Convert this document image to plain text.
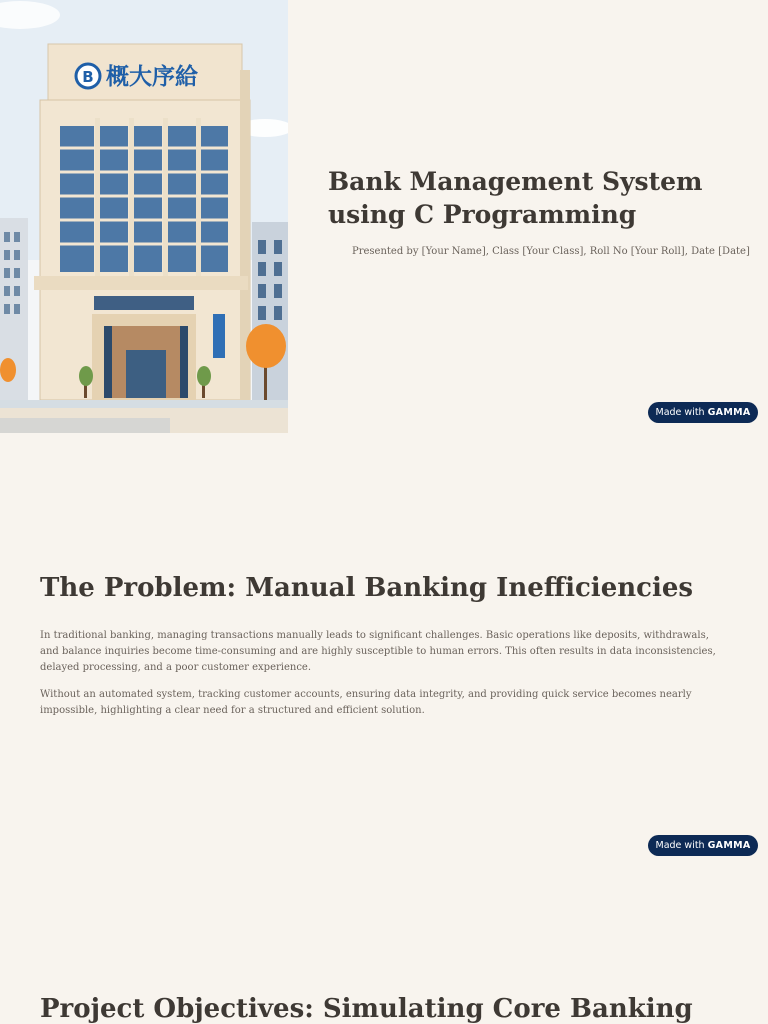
B 概大序給
Bank Management System
using C Programming

Presented by [Your Name], Class [Your Class], Roll No [Your Roll], Date [Date]

Made with GAMMA
The Problem: Manual Banking Inefficiencies

In traditional banking, managing transactions manually leads to significant challenges. Basic operations like deposits, withdrawals, and balance inquiries become time-consuming and are highly susceptible to human errors. This often results in data inconsistencies, delayed processing, and a poor customer experience.

Without an automated system, tracking customer accounts, ensuring data integrity, and providing quick service becomes nearly impossible, highlighting a clear need for a structured and efficient solution.

Made with GAMMA
Project Objectives: Simulating Core Banking
